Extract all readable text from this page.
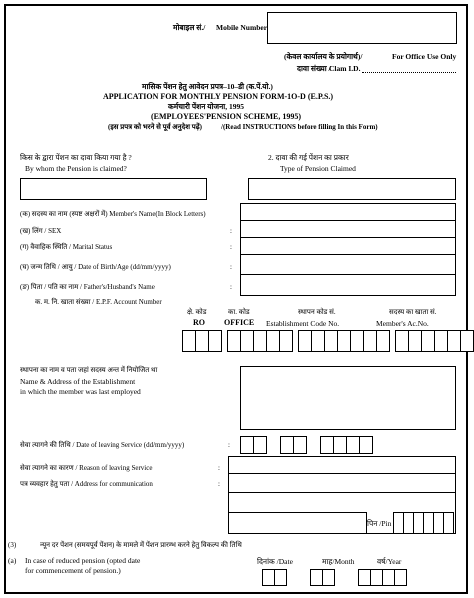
मोबाइल सं./ Mobile Number
(केवल कार्यालय के प्रयोगार्थ)/	For Office Use Only
दावा संख्या /
Clam I.D.
मासिक पेंशन हेतु आवेदन प्रपत्र–10–डी (क.पें.यो.)
APPLICATION FOR MONTHLY PENSION FORM-1O-D (E.P.S.)
कर्मचारी पेंशन योजना, 1995
(EMPLOYEES'PENSION SCHEME, 1995)
(इस प्रपत्र को भरने से पूर्व अनुदेश पढ़ें)	/(Read INSTRUCTIONS before filling In this Form)
किस के द्वारा पेंशन का दावा किया गया है ?
By whom the Pension is claimed?
2. दावा की गई पेंशन का प्रकार
Type of Pension Claimed
(क) सदस्य का नाम (स्पष्ट अक्षरों में) Member's Name(In Block Letters)
(ख) लिंग / SEX	:
(ग) वैवाहिक स्थिति / Marital Status	:
(घ) जन्म तिथि / आयु / Date of Birth/Age (dd/mm/yyyy)	:
(ङ) पिता / पति का नाम / Father's/Husband's Name	:
क. म. नि. खाता संख्या / E.P.F. Account Number
क्षे. कोड
RO
का. कोड
OFFICE
स्थापन कोड सं.
Establishment Code No.
सदस्य का खाता सं.
Member's Ac.No.
स्थापना का नाम व पता जहां सदस्य अन्त में नियोजित था
Name & Address of the Establishment
in which the member was last employed
सेवा त्यागने की तिथि / Date of leaving Service (dd/mm/yyyy)	:
सेवा त्यागने का कारण / Reason of leaving Service	:
पत्र व्यवहार हेतु पता / Address for communication	:
पिन /Pin
(3)	न्यून दर पेंशन (समयपूर्व पेंशन) के मामले में पेंशन प्रारम्भ करने हेतु विकल्प की तिथि
(a) In case of reduced pension (opted date
for commencement of pension.)
दिनांक /Date	माह/Month	वर्ष/Year
